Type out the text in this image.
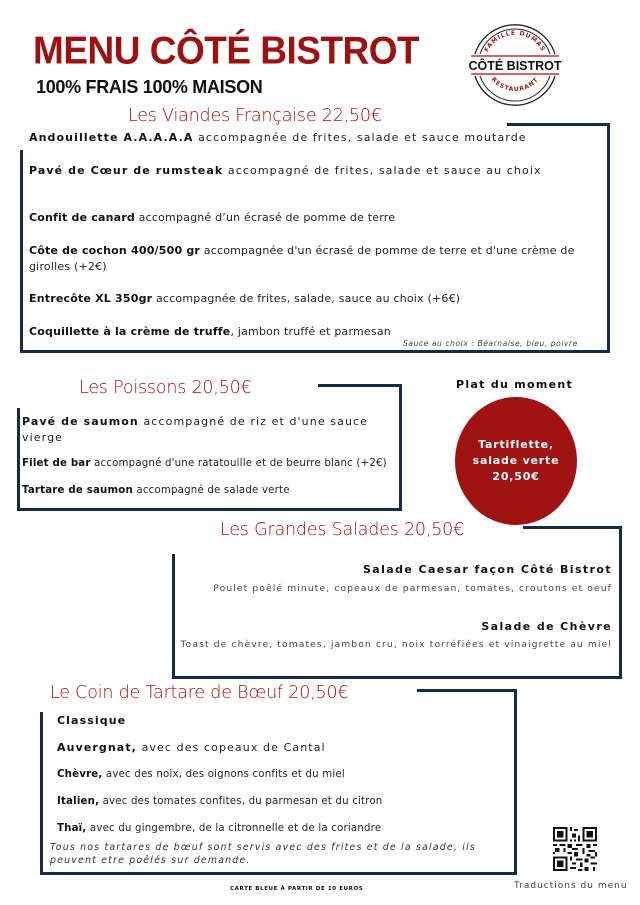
MENU CÔTÉ BISTROT
100% FRAIS 100% MAISON
FAMILLE DUMAS
CÔTÉ BISTROT
RESTAURANT
Les Viandes Française 22,50€
Andouillette A.A.A.A.A accompagnée de frites, salade et sauce moutarde
Pavé de Cœur de rumsteak accompagné de frites, salade et sauce au choix
Confit de canard accompagné d’un écrasé de pomme de terre
Côte de cochon 400/500 gr accompagnée d'un écrasé de pomme de terre et d'une crème de girolles (+2€)
Entrecôte XL 350gr accompagnée de frites, salade, sauce au choix (+6€)
Coquillette à la crème de truffe, jambon truffé et parmesan
Sauce au choix : Béarnaise, bleu, poivre
Les Poissons 20,50€
Pavé de saumon accompagné de riz et d'une sauce vierge
Filet de bar accompagné d'une ratatouille et de beurre blanc (+2€)
Tartare de saumon accompagné de salade verte
Plat du moment
Tartiflette,
salade verte
20,50€
Les Grandes Salades 20,50€
Salade Caesar façon Côté Bistrot
Poulet poêlé minute, copeaux de parmesan, tomates, croutons et oeuf
Salade de Chèvre
Toast de chèvre, tomates, jambon cru, noix torréfiées et vinaigrette au miel
Le Coin de Tartare de Bœuf 20,50€
Classique
Auvergnat, avec des copeaux de Cantal
Chèvre, avec des noix, des oignons confits et du miel
Italien, avec des tomates confites, du parmesan et du citron
Thaï, avec du gingembre, de la citronnelle et de la coriandre
Tous nos tartares de bœuf sont servis avec des frites et de la salade, ils peuvent etre poêlés sur demande.
CARTE BLEUE À PARTIR DE 10 EUROS	Traductions du menu
